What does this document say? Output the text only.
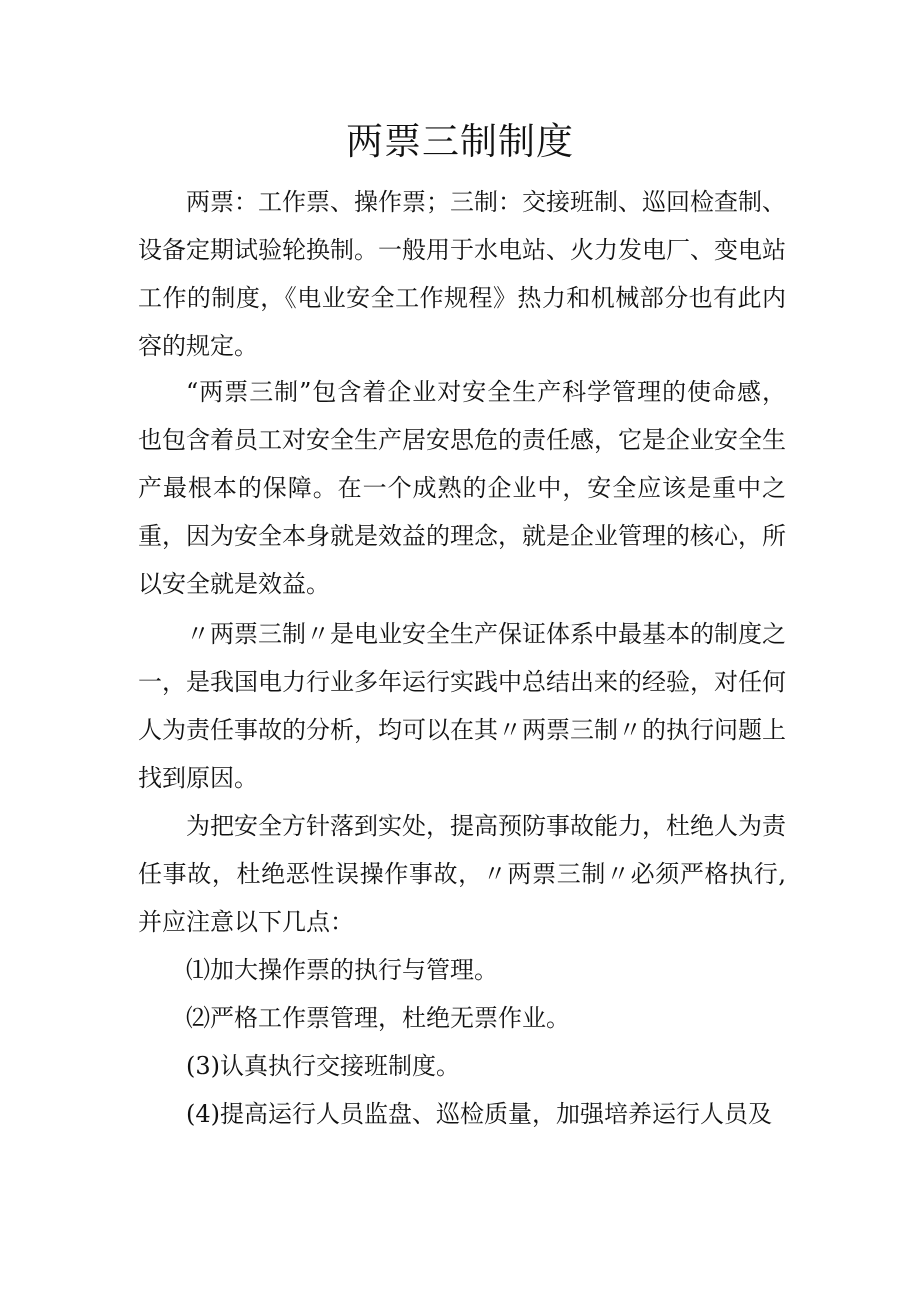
两票三制制度

两票：工作票、操作票；三制：交接班制、巡回检查制、设备定期试验轮换制。一般用于水电站、火力发电厂、变电站工作的制度，《电业安全工作规程》热力和机械部分也有此内容的规定。

“两票三制”包含着企业对安全生产科学管理的使命感，也包含着员工对安全生产居安思危的责任感，它是企业安全生产最根本的保障。在一个成熟的企业中，安全应该是重中之重，因为安全本身就是效益的理念，就是企业管理的核心，所以安全就是效益。

〃两票三制〃是电业安全生产保证体系中最基本的制度之一，是我国电力行业多年运行实践中总结出来的经验，对任何人为责任事故的分析，均可以在其〃两票三制〃的执行问题上找到原因。

为把安全方针落到实处，提高预防事故能力，杜绝人为责任事故，杜绝恶性误操作事故，〃两票三制〃必须严格执行,并应注意以下几点：

⑴加大操作票的执行与管理。

⑵严格工作票管理，杜绝无票作业。

(3)认真执行交接班制度。

(4)提高运行人员监盘、巡检质量，加强培养运行人员及
